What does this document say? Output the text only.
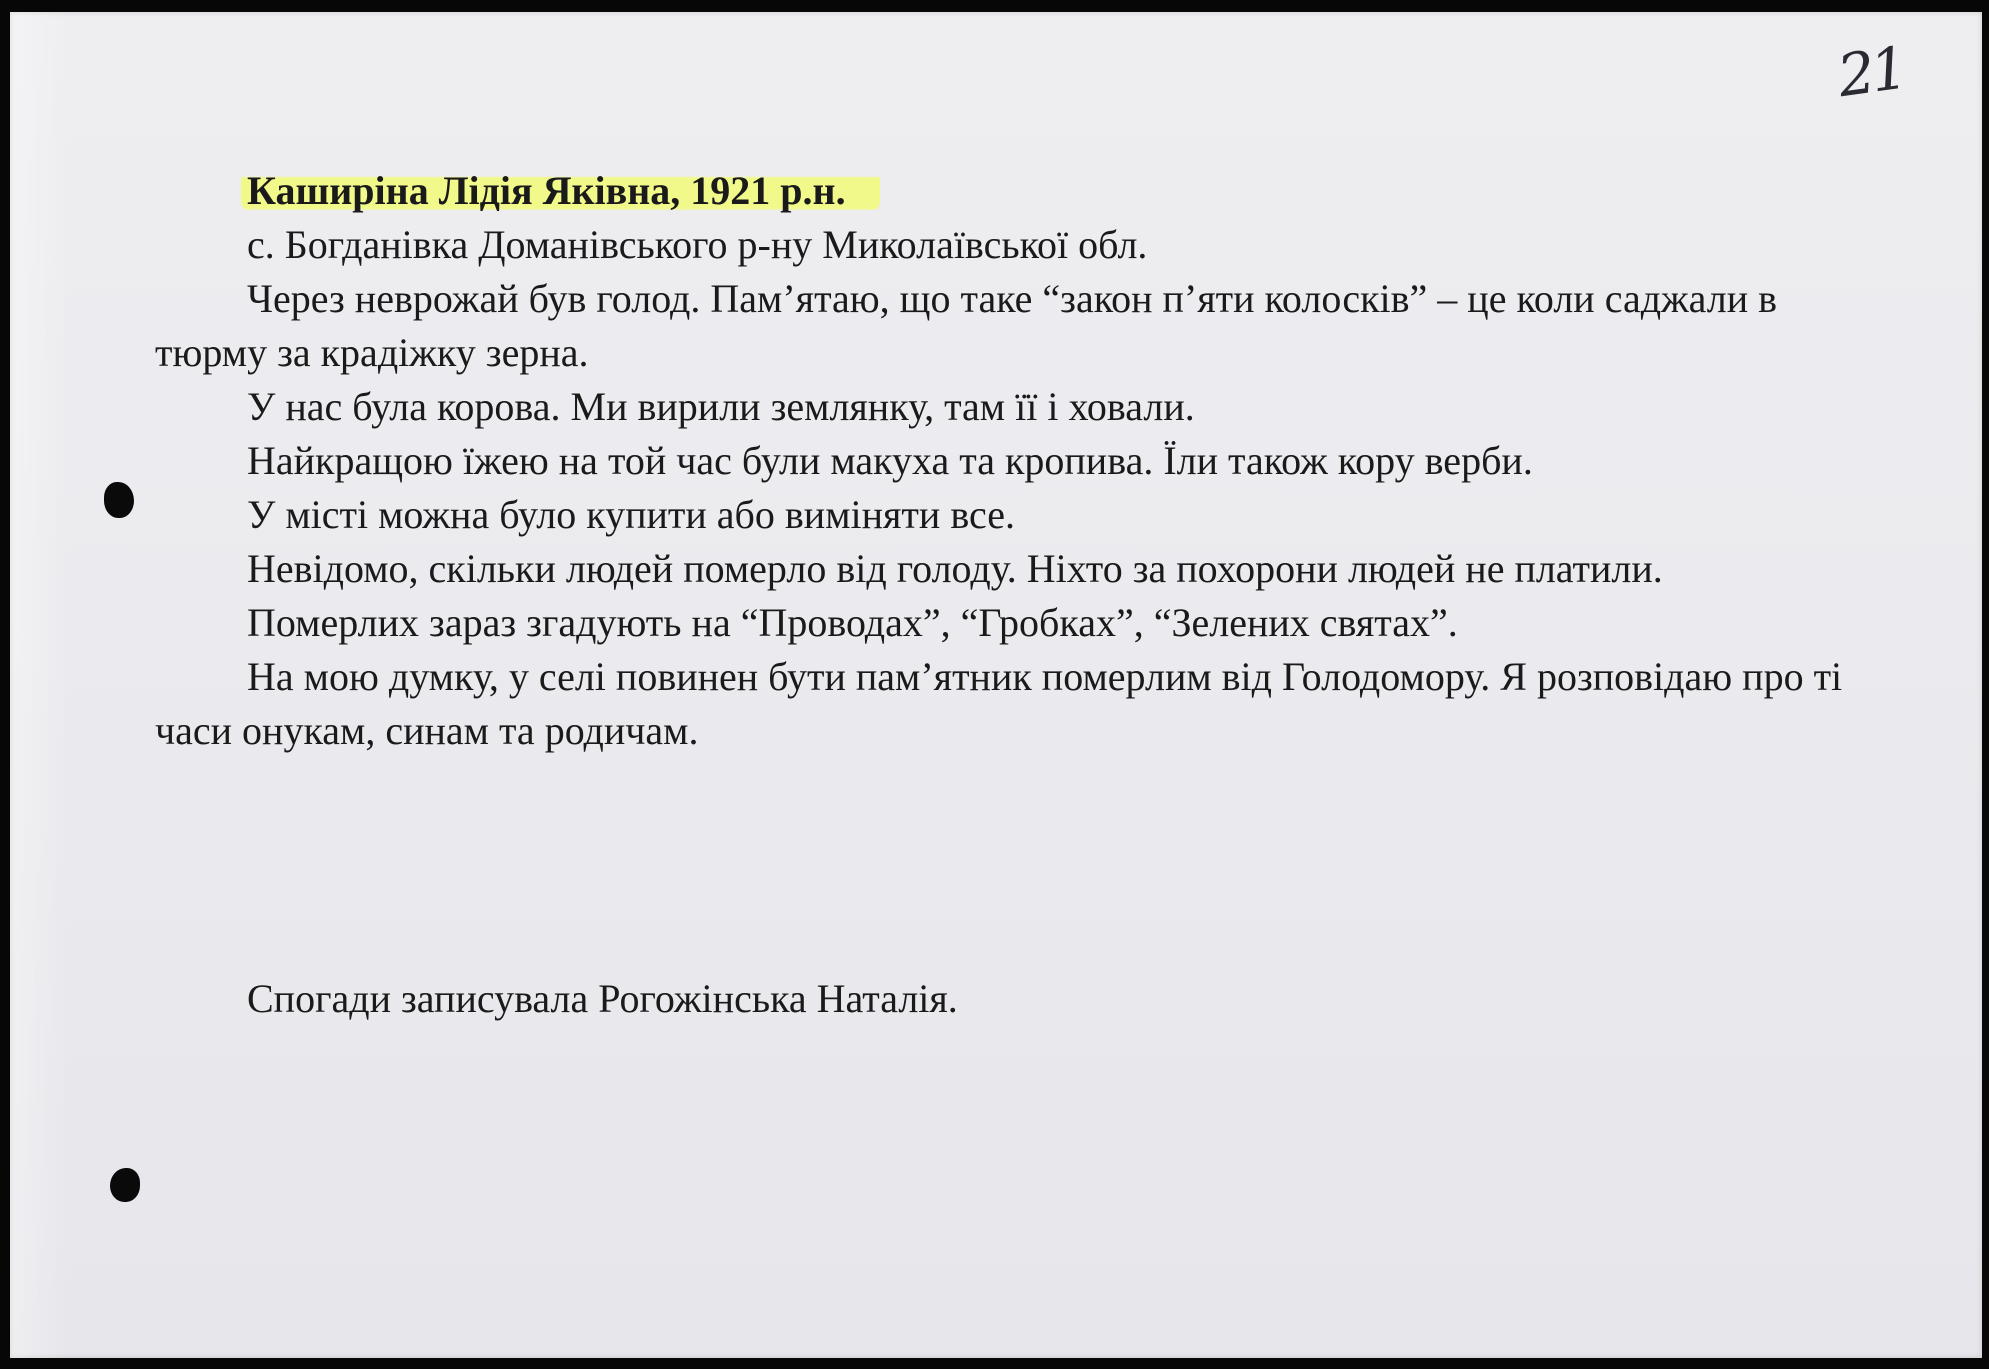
21

Каширіна Лідія Яківна, 1921 р.н.

с. Богданівка Доманівського р-ну Миколаївської обл.

Через неврожай був голод. Пам’ятаю, що таке “закон п’яти колосків” – це коли саджали в тюрму за крадіжку зерна.

У нас була корова. Ми вирили землянку, там її і ховали.

Найкращою їжею на той час були макуха та кропива. Їли також кору верби.

У місті можна було купити або виміняти все.

Невідомо, скільки людей померло від голоду. Ніхто за похорони людей не платили.

Померлих зараз згадують на “Проводах”, “Гробках”, “Зелених святах”.

На мою думку, у селі повинен бути пам’ятник померлим від Голодомору. Я розповідаю про ті часи онукам, синам та родичам.

Спогади записувала Рогожінська Наталія.
